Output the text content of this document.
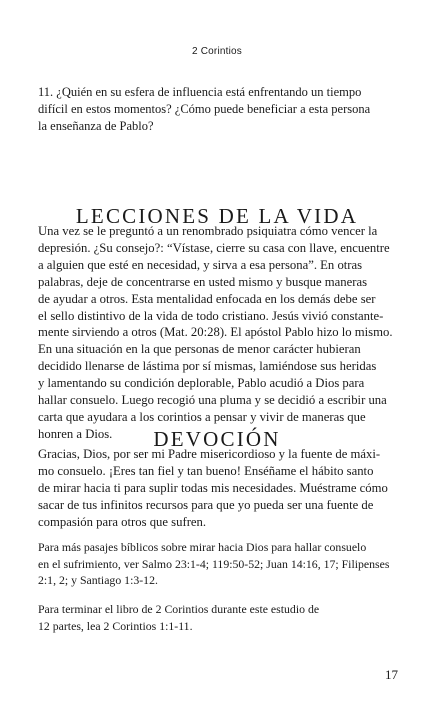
2 Corintios

11. ¿Quién en su esfera de influencia está enfrentando un tiempo
difícil en estos momentos? ¿Cómo puede beneficiar a esta persona
la enseñanza de Pablo?

LECCIONES DE LA VIDA

Una vez se le preguntó a un renombrado psiquiatra cómo vencer la
depresión. ¿Su consejo?: “Vístase, cierre su casa con llave, encuentre
a alguien que esté en necesidad, y sirva a esa persona”. En otras
palabras, deje de concentrarse en usted mismo y busque maneras
de ayudar a otros. Esta mentalidad enfocada en los demás debe ser
el sello distintivo de la vida de todo cristiano. Jesús vivió constante-
mente sirviendo a otros (Mat. 20:28). El apóstol Pablo hizo lo mismo.
En una situación en la que personas de menor carácter hubieran
decidido llenarse de lástima por sí mismas, lamiéndose sus heridas
y lamentando su condición deplorable, Pablo acudió a Dios para
hallar consuelo. Luego recogió una pluma y se decidió a escribir una
carta que ayudara a los corintios a pensar y vivir de maneras que
honren a Dios.	DEVOCIÓN

Gracias, Dios, por ser mi Padre misericordioso y la fuente de máxi-
mo consuelo. ¡Eres tan fiel y tan bueno! Enséñame el hábito santo
de mirar hacia ti para suplir todas mis necesidades. Muéstrame cómo
sacar de tus infinitos recursos para que yo pueda ser una fuente de
compasión para otros que sufren.

Para más pasajes bíblicos sobre mirar hacia Dios para hallar consuelo
en el sufrimiento, ver Salmo 23:1-4; 119:50-52; Juan 14:16, 17; Filipenses
2:1, 2; y Santiago 1:3-12.

Para terminar el libro de 2 Corintios durante este estudio de
12 partes, lea 2 Corintios 1:1-11.

17
